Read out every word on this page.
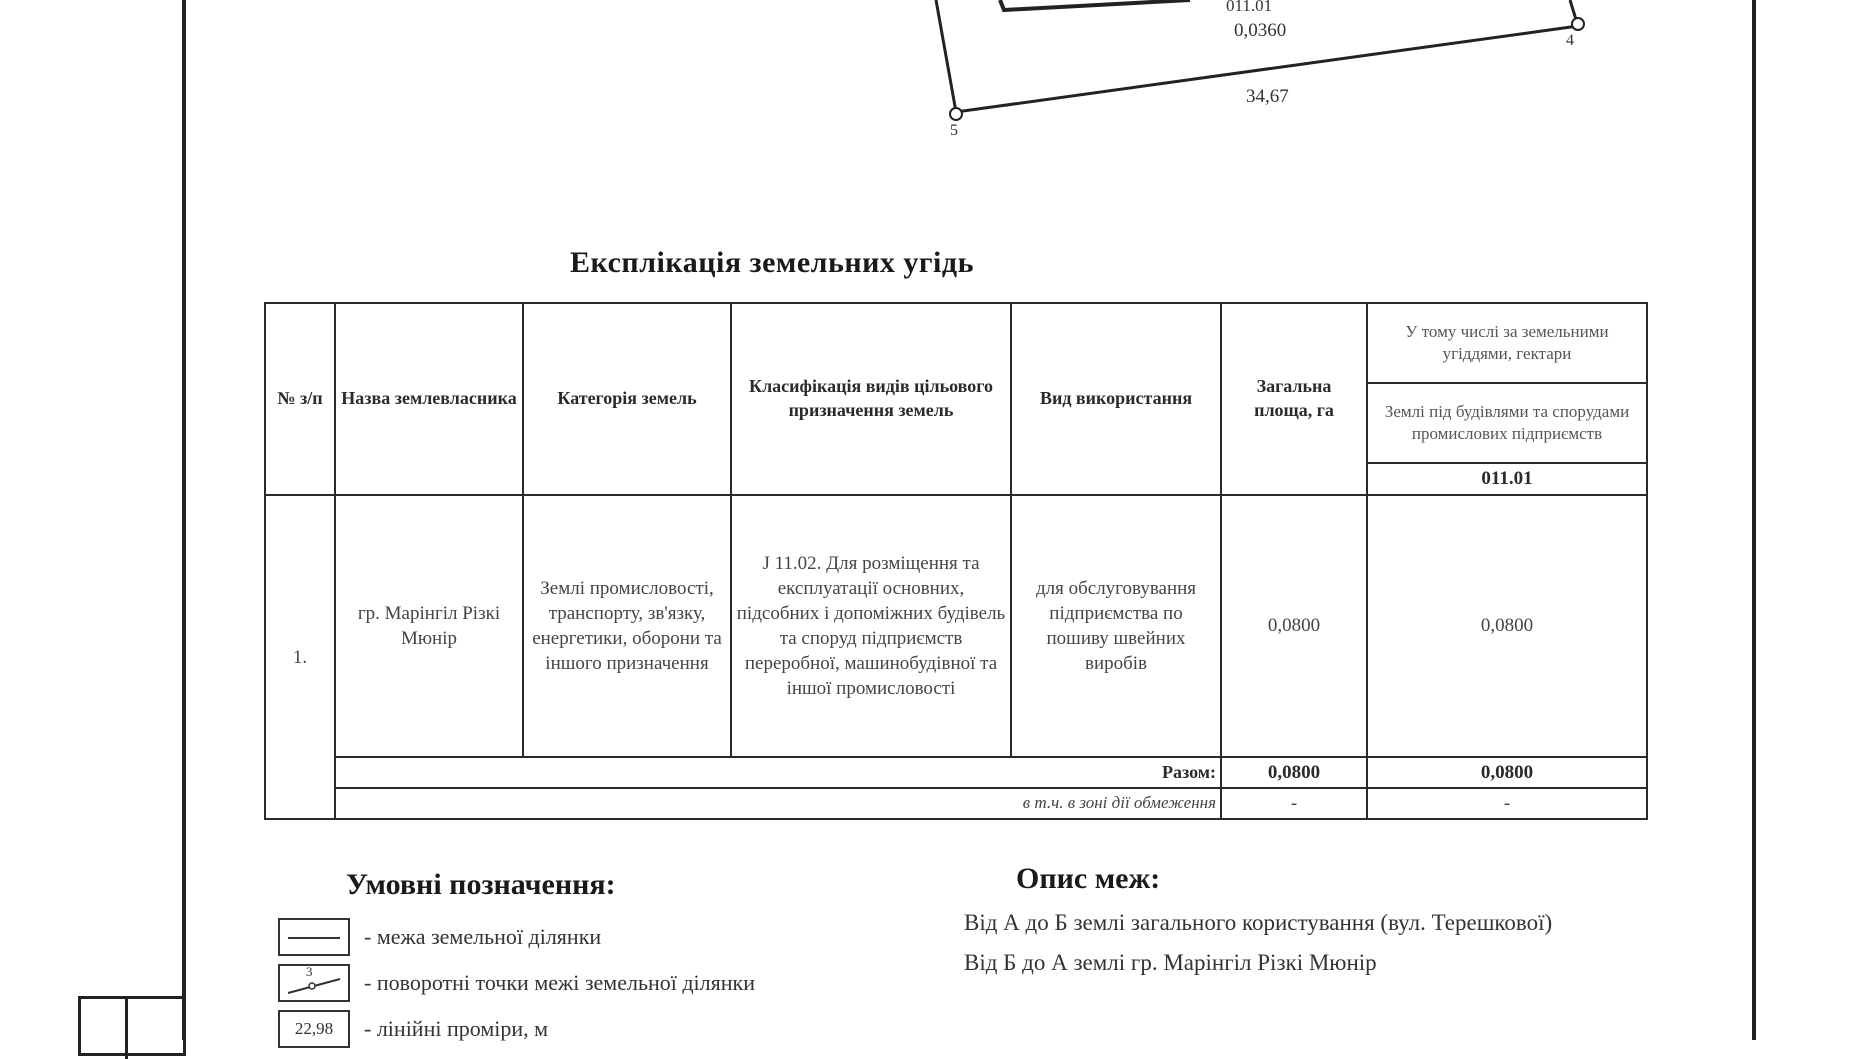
011.01
0,0360
34,67
4
5
Експлікація земельних угідь
№ з/п	Назва землевласника	Категорія земель	Класифікація видів цільового призначення земель	Вид використання	Загальна площа, га	У тому числі за земельними угіддями, гектари
						Землі під будівлями та спорудами промислових підприємств
						011.01
1.	гр. Марінгіл Різкі Мюнір	Землі промисловості, транспорту, зв'язку, енергетики, оборони та іншого призначення	J 11.02. Для розміщення та експлуатації основних, підсобних і допоміжних будівель та споруд підприємств переробної, машинобудівної та іншої промисловості	для обслуговування підприємства по пошиву швейних виробів	0,0800	0,0800
	Разом:				0,0800	0,0800
	в т.ч. в зоні дії обмеження				-	-
Умовні позначення:
- межа земельної ділянки
3 - поворотні точки межі земельної ділянки
22,98 - лінійні проміри, м
Опис меж:
Від А до Б землі загального користування (вул. Терешкової)
Від Б до А землі гр. Марінгіл Різкі Мюнір
